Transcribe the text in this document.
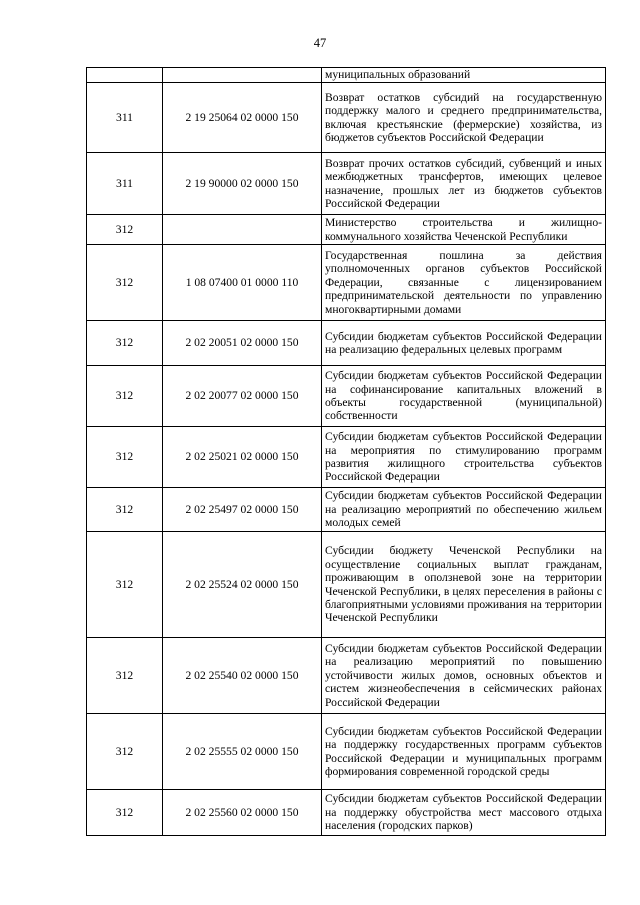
47
		муниципальных образований
311	2 19 25064 02 0000 150	Возврат остатков субсидий на государственную поддержку малого и среднего предпринимательства, включая крестьянские (фермерские) хозяйства, из бюджетов субъектов Российской Федерации
311	2 19 90000 02 0000 150	Возврат прочих остатков субсидий, субвенций и иных межбюджетных трансфертов, имеющих целевое назначение, прошлых лет из бюджетов субъектов Российской Федерации
312		Министерство строительства и жилищно-коммунального хозяйства Чеченской Республики
312	1 08 07400 01 0000 110	Государственная пошлина за действия уполномоченных органов субъектов Российской Федерации, связанные с лицензированием предпринимательской деятельности по управлению многоквартирными домами
312	2 02 20051 02 0000 150	Субсидии бюджетам субъектов Российской Федерации на реализацию федеральных целевых программ
312	2 02 20077 02 0000 150	Субсидии бюджетам субъектов Российской Федерации на софинансирование капитальных вложений в объекты государственной (муниципальной) собственности
312	2 02 25021 02 0000 150	Субсидии бюджетам субъектов Российской Федерации на мероприятия по стимулированию программ развития жилищного строительства субъектов Российской Федерации
312	2 02 25497 02 0000 150	Субсидии бюджетам субъектов Российской Федерации на реализацию мероприятий по обеспечению жильем молодых семей
312	2 02 25524 02 0000 150	Субсидии бюджету Чеченской Республики на осуществление социальных выплат гражданам, проживающим в оползневой зоне на территории Чеченской Республики, в целях переселения в районы с благоприятными условиями проживания на территории Чеченской Республики
312	2 02 25540 02 0000 150	Субсидии бюджетам субъектов Российской Федерации на реализацию мероприятий по повышению устойчивости жилых домов, основных объектов и систем жизнеобеспечения в сейсмических районах Российской Федерации
312	2 02 25555 02 0000 150	Субсидии бюджетам субъектов Российской Федерации на поддержку государственных программ субъектов Российской Федерации и муниципальных программ формирования современной городской среды
312	2 02 25560 02 0000 150	Субсидии бюджетам субъектов Российской Федерации на поддержку обустройства мест массового отдыха населения (городских парков)
